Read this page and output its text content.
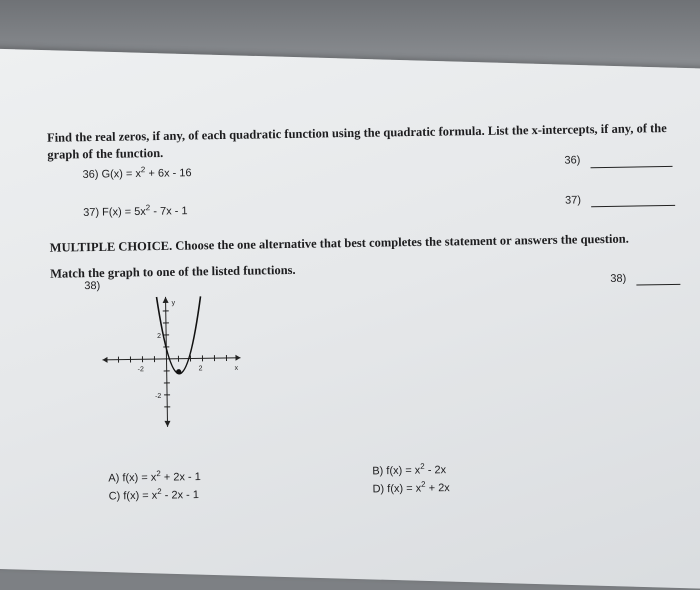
Find the real zeros, if any, of each quadratic function using the quadratic formula. List the x-intercepts, if any, of the
graph of the function.
36) $G(x) = x^2 + 6x - 16$
36)
37) $F(x) = 5x^2 - 7x - 1$
37)
MULTIPLE CHOICE. Choose the one alternative that best completes the statement or answers the question.
Match the graph to one of the listed functions.
38)
38)
y
x
2
-2
-2	2
A) $f(x) = x^2 + 2x - 1$
C) $f(x) = x^2 - 2x - 1$
B) $f(x) = x^2 - 2x$
D) $f(x) = x^2 + 2x$
